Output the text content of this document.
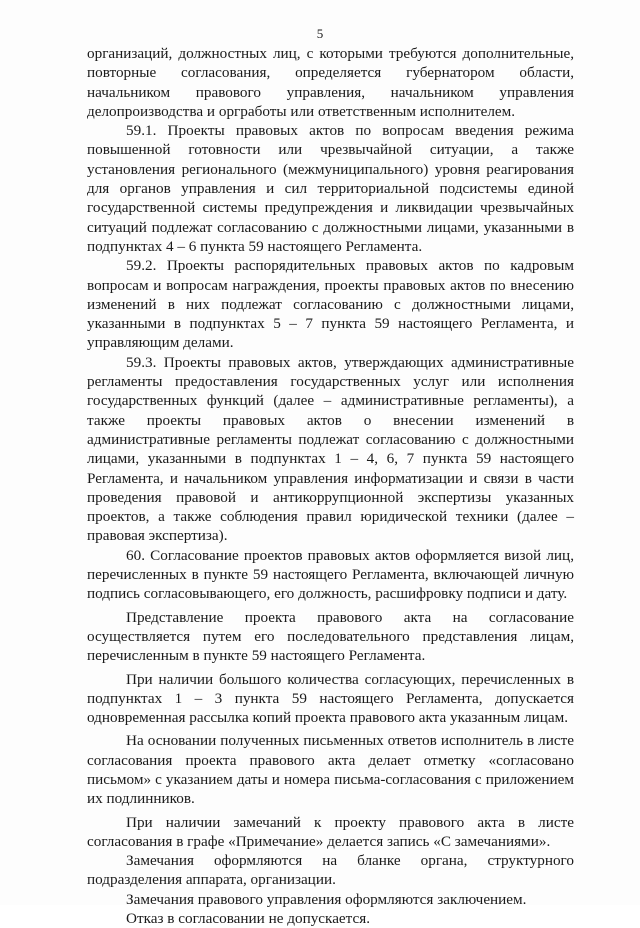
5

организаций, должностных лиц, с которыми требуются дополнительные, повторные согласования, определяется губернатором области, начальником правового управления, начальником управления делопроизводства и оргработы или ответственным исполнителем.

59.1. Проекты правовых актов по вопросам введения режима повышенной готовности или чрезвычайной ситуации, а также установления регионального (межмуниципального) уровня реагирования для органов управления и сил территориальной подсистемы единой государственной системы предупреждения и ликвидации чрезвычайных ситуаций подлежат согласованию с должностными лицами, указанными в подпунктах 4 – 6 пункта 59 настоящего Регламента.

59.2. Проекты распорядительных правовых актов по кадровым вопросам и вопросам награждения, проекты правовых актов по внесению изменений в них подлежат согласованию с должностными лицами, указанными в подпунктах 5 – 7 пункта 59 настоящего Регламента, и управляющим делами.

59.3. Проекты правовых актов, утверждающих административные регламенты предоставления государственных услуг или исполнения государственных функций (далее – административные регламенты), а также проекты правовых актов о внесении изменений в административные регламенты подлежат согласованию с должностными лицами, указанными в подпунктах 1 – 4, 6, 7 пункта 59 настоящего Регламента, и начальником управления информатизации и связи в части проведения правовой и антикоррупционной экспертизы указанных проектов, а также соблюдения правил юридической техники (далее – правовая экспертиза).

60. Согласование проектов правовых актов оформляется визой лиц, перечисленных в пункте 59 настоящего Регламента, включающей личную подпись согласовывающего, его должность, расшифровку подписи и дату.

Представление проекта правового акта на согласование осуществляется путем его последовательного представления лицам, перечисленным в пункте 59 настоящего Регламента.

При наличии большого количества согласующих, перечисленных в подпунктах 1 – 3 пункта 59 настоящего Регламента, допускается одновременная рассылка копий проекта правового акта указанным лицам.

На основании полученных письменных ответов исполнитель в листе согласования проекта правового акта делает отметку «согласовано письмом» с указанием даты и номера письма-согласования с приложением их подлинников.

При наличии замечаний к проекту правового акта в листе согласования в графе «Примечание» делается запись «С замечаниями».

Замечания оформляются на бланке органа, структурного подразделения аппарата, организации.

Замечания правового управления оформляются заключением.

Отказ в согласовании не допускается.
